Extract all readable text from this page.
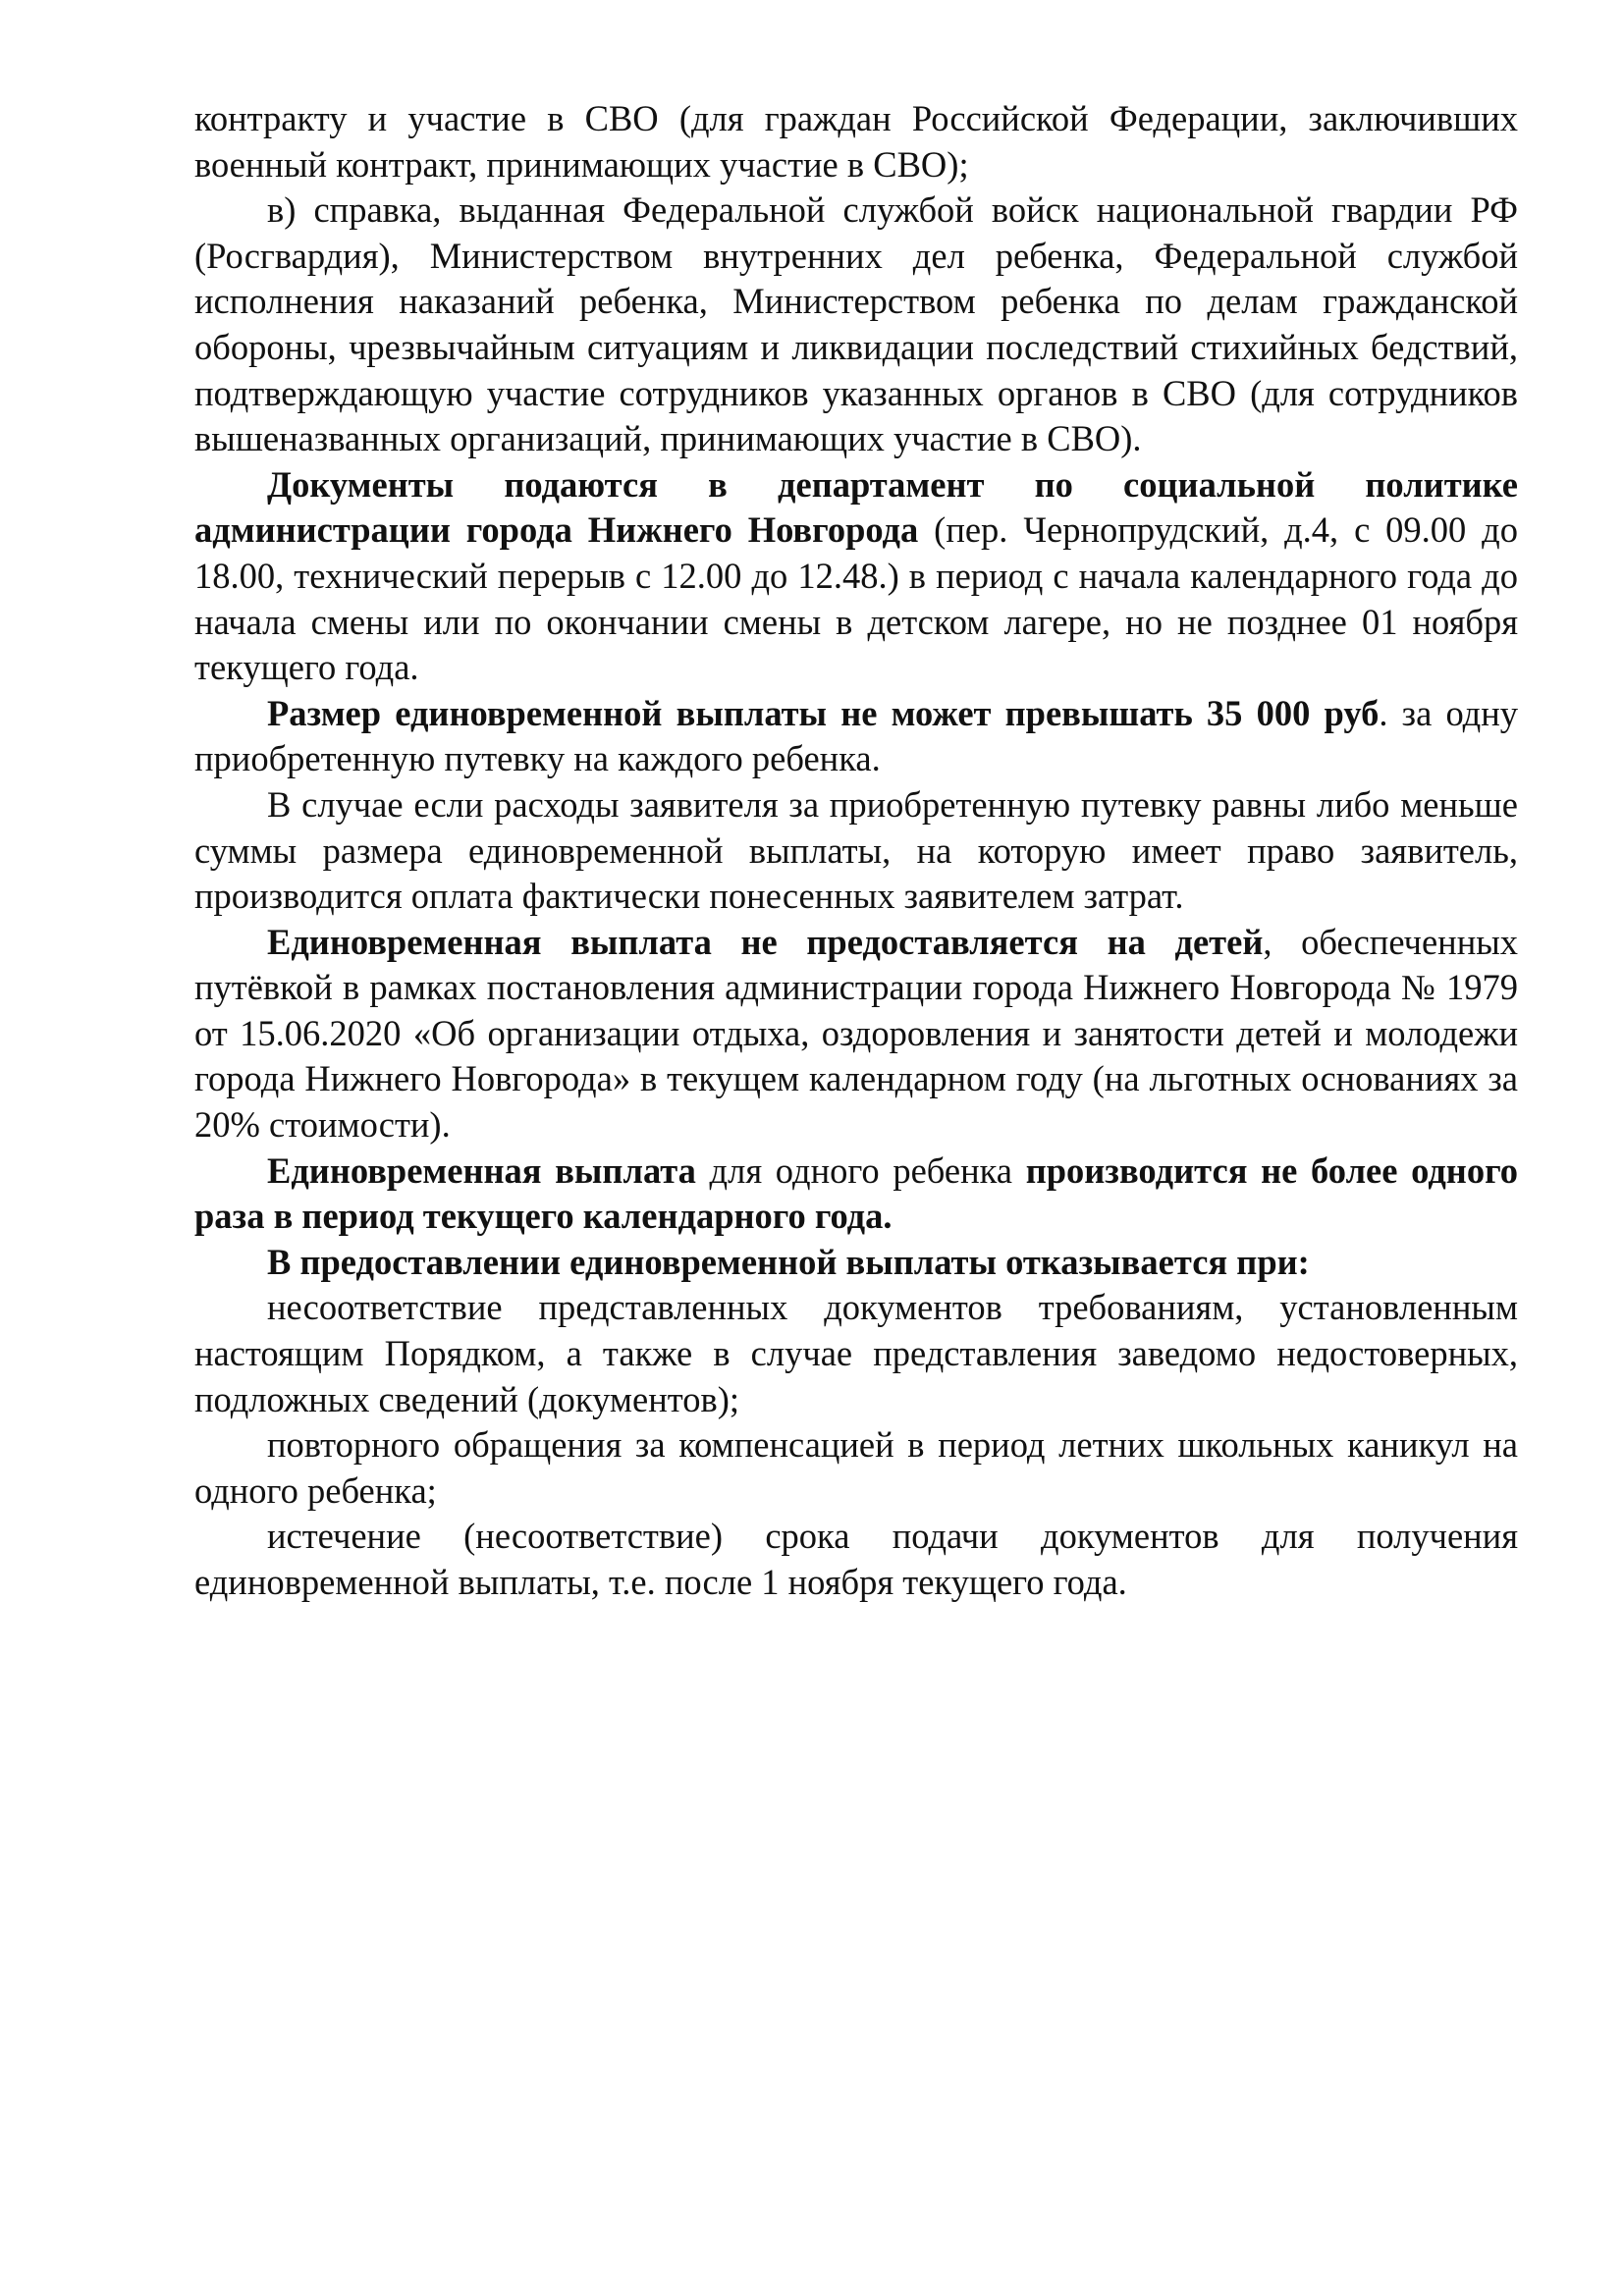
контракту и участие в СВО (для граждан Российской Федерации, заключивших военный контракт, принимающих участие в СВО);

в) справка, выданная Федеральной службой войск национальной гвардии РФ (Росгвардия), Министерством внутренних дел ребенка, Федеральной службой исполнения наказаний ребенка, Министерством ребенка по делам гражданской обороны, чрезвычайным ситуациям и ликвидации последствий стихийных бедствий, подтверждающую участие сотрудников указанных органов в СВО (для сотрудников вышеназванных организаций, принимающих участие в СВО).

Документы подаются в департамент по социальной политике администрации города Нижнего Новгорода (пер. Чернопрудский, д.4, с 09.00 до 18.00, технический перерыв с 12.00 до 12.48.) в период с начала календарного года до начала смены или по окончании смены в детском лагере, но не позднее 01 ноября текущего года.

Размер единовременной выплаты не может превышать 35 000 руб. за одну приобретенную путевку на каждого ребенка.

В случае если расходы заявителя за приобретенную путевку равны либо меньше суммы размера единовременной выплаты, на которую имеет право заявитель, производится оплата фактически понесенных заявителем затрат.

Единовременная выплата не предоставляется на детей, обеспеченных путёвкой в рамках постановления администрации города Нижнего Новгорода № 1979 от 15.06.2020 «Об организации отдыха, оздоровления и занятости детей и молодежи города Нижнего Новгорода» в текущем календарном году (на льготных основаниях за 20% стоимости).

Единовременная выплата для одного ребенка производится не более одного раза в период текущего календарного года.

В предоставлении единовременной выплаты отказывается при:

несоответствие представленных документов требованиям, установленным настоящим Порядком, а также в случае представления заведомо недостоверных, подложных сведений (документов);

повторного обращения за компенсацией в период летних школьных каникул на одного ребенка;

истечение (несоответствие) срока подачи документов для получения единовременной выплаты, т.е. после 1 ноября текущего года.
